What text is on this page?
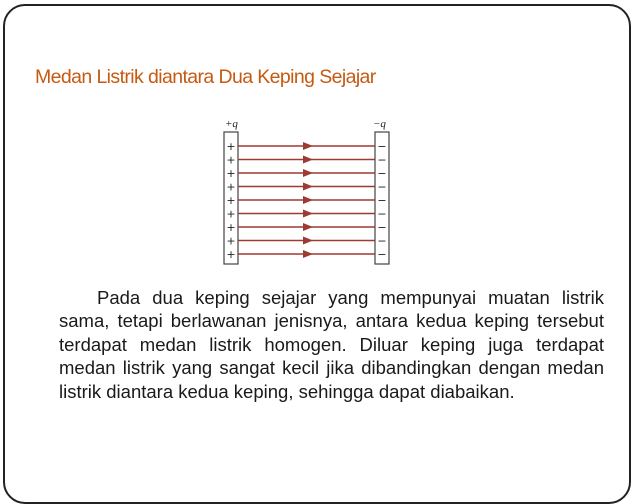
Medan Listrik diantara Dua Keping Sejajar
+q	−q
+
+
+
+
+
+
+
+
+
−
−
−
−
−
−
−
−
−

Pada dua keping sejajar yang mempunyai muatan listrik sama, tetapi berlawanan jenisnya, antara kedua keping tersebut terdapat medan listrik homogen. Diluar keping juga terdapat medan listrik yang sangat kecil jika dibandingkan dengan medan listrik diantara kedua keping, sehingga dapat diabaikan.
